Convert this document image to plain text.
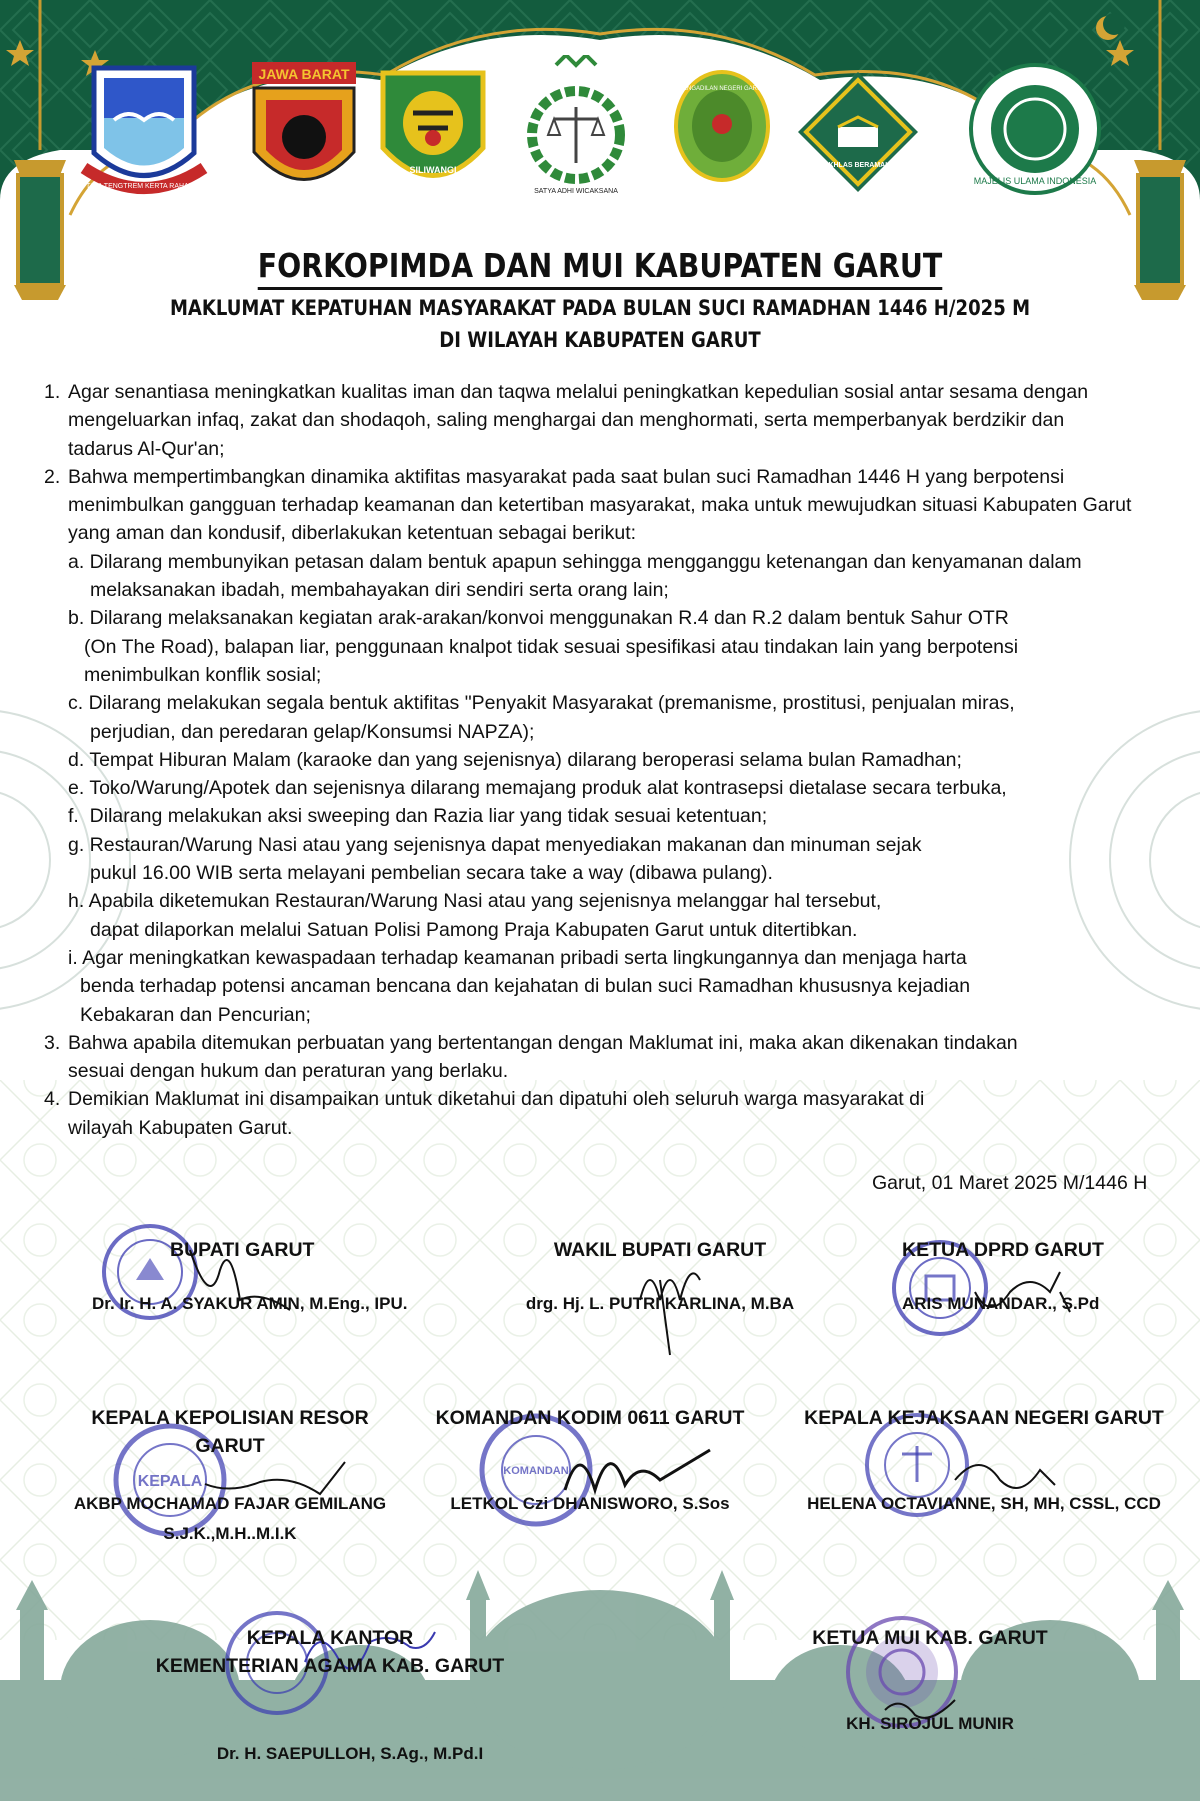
TATA TENGTREM KERTA RAHARJA
JAWA BARAT
SILIWANGI
SATYA ADHI WICAKSANA
PENGADILAN NEGERI GARUT
IKHLAS BERAMAL
MAJELIS ULAMA INDONESIA
FORKOPIMDA DAN MUI KABUPATEN GARUT
MAKLUMAT KEPATUHAN MASYARAKAT PADA BULAN SUCI RAMADHAN 1446 H/2025 M
DI WILAYAH KABUPATEN GARUT
1. Agar senantiasa meningkatkan kualitas iman dan taqwa melalui peningkatkan kepedulian sosial antar sesama dengan
mengeluarkan infaq, zakat dan shodaqoh, saling menghargai dan menghormati, serta memperbanyak berdzikir dan
tadarus Al-Qur'an;
2. Bahwa mempertimbangkan dinamika aktifitas masyarakat pada saat bulan suci Ramadhan 1446 H yang berpotensi
menimbulkan gangguan terhadap keamanan dan ketertiban masyarakat, maka untuk mewujudkan situasi Kabupaten Garut
yang aman dan kondusif, diberlakukan ketentuan sebagai berikut:
a. Dilarang membunyikan petasan dalam bentuk apapun sehingga mengganggu ketenangan dan kenyamanan dalam
melaksanakan ibadah, membahayakan diri sendiri serta orang lain;
b. Dilarang melaksanakan kegiatan arak-arakan/konvoi menggunakan R.4 dan R.2 dalam bentuk Sahur OTR
(On The Road), balapan liar, penggunaan knalpot tidak sesuai spesifikasi atau tindakan lain yang berpotensi
menimbulkan konflik sosial;
c. Dilarang melakukan segala bentuk aktifitas "Penyakit Masyarakat (premanisme, prostitusi, penjualan miras,
perjudian, dan peredaran gelap/Konsumsi NAPZA);
d. Tempat Hiburan Malam (karaoke dan yang sejenisnya) dilarang beroperasi selama bulan Ramadhan;
e. Toko/Warung/Apotek dan sejenisnya dilarang memajang produk alat kontrasepsi dietalase secara terbuka,
f.  Dilarang melakukan aksi sweeping dan Razia liar yang tidak sesuai ketentuan;
g. Restauran/Warung Nasi atau yang sejenisnya dapat menyediakan makanan dan minuman sejak
pukul 16.00 WIB serta melayani pembelian secara take a way (dibawa pulang).
h. Apabila diketemukan Restauran/Warung Nasi atau yang sejenisnya melanggar hal tersebut,
dapat dilaporkan melalui Satuan Polisi Pamong Praja Kabupaten Garut untuk ditertibkan.
i. Agar meningkatkan kewaspadaan terhadap keamanan pribadi serta lingkungannya dan menjaga harta
benda terhadap potensi ancaman bencana dan kejahatan di bulan suci Ramadhan khususnya kejadian
Kebakaran dan Pencurian;
3. Bahwa apabila ditemukan perbuatan yang bertentangan dengan Maklumat ini, maka akan dikenakan tindakan
sesuai dengan hukum dan peraturan yang berlaku.
4. Demikian Maklumat ini disampaikan untuk diketahui dan dipatuhi oleh seluruh warga masyarakat di
wilayah Kabupaten Garut.
Garut, 01 Maret 2025 M/1446 H
KEPALA
KOMANDAN
BUPATI GARUT
Dr. Ir. H. A. SYAKUR AMIN, M.Eng., IPU.
WAKIL BUPATI GARUT
drg. Hj. L. PUTRI KARLINA, M.BA
KETUA DPRD GARUT
ARIS MUNANDAR., S.Pd
KEPALA KEPOLISIAN RESOR
GARUT
AKBP MOCHAMAD FAJAR GEMILANG
S.J.K.,M.H..M.I.K
KOMANDAN KODIM 0611 GARUT
LETKOL Czi DHANISWORO, S.Sos
KEPALA KEJAKSAAN NEGERI GARUT
HELENA OCTAVIANNE, SH, MH, CSSL, CCD
KEPALA KANTOR
KEMENTERIAN AGAMA KAB. GARUT
Dr. H. SAEPULLOH, S.Ag., M.Pd.I
KETUA MUI KAB. GARUT
KH. SIROJUL MUNIR
